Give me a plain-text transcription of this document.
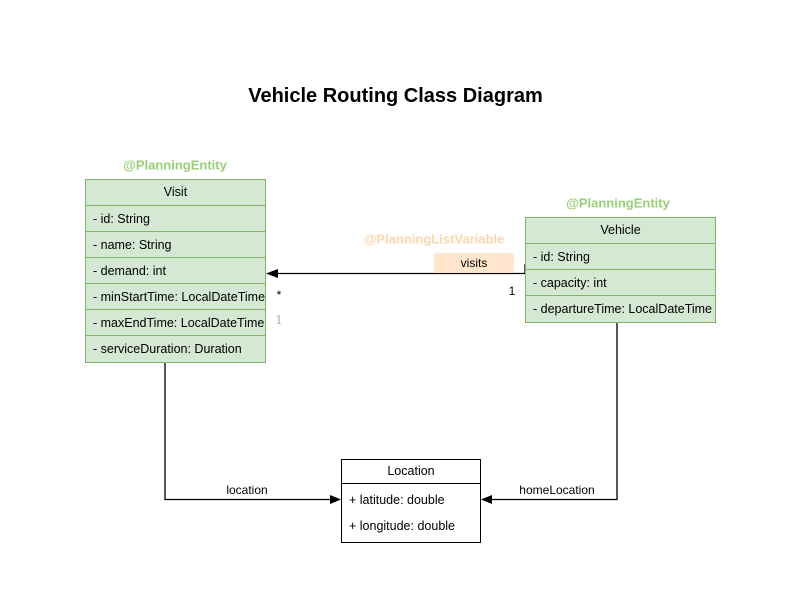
Vehicle Routing Class Diagram
@PlanningEntity
Visit
- id: String
- name: String
- demand: int
- minStartTime: LocalDateTime
- maxEndTime: LocalDateTime
- serviceDuration: Duration
@PlanningEntity
Vehicle
- id: String
- capacity: int
- departureTime: LocalDateTime
Location
+ latitude: double
+ longitude: double
@PlanningListVariable
visits
*	1
1
location	homeLocation
